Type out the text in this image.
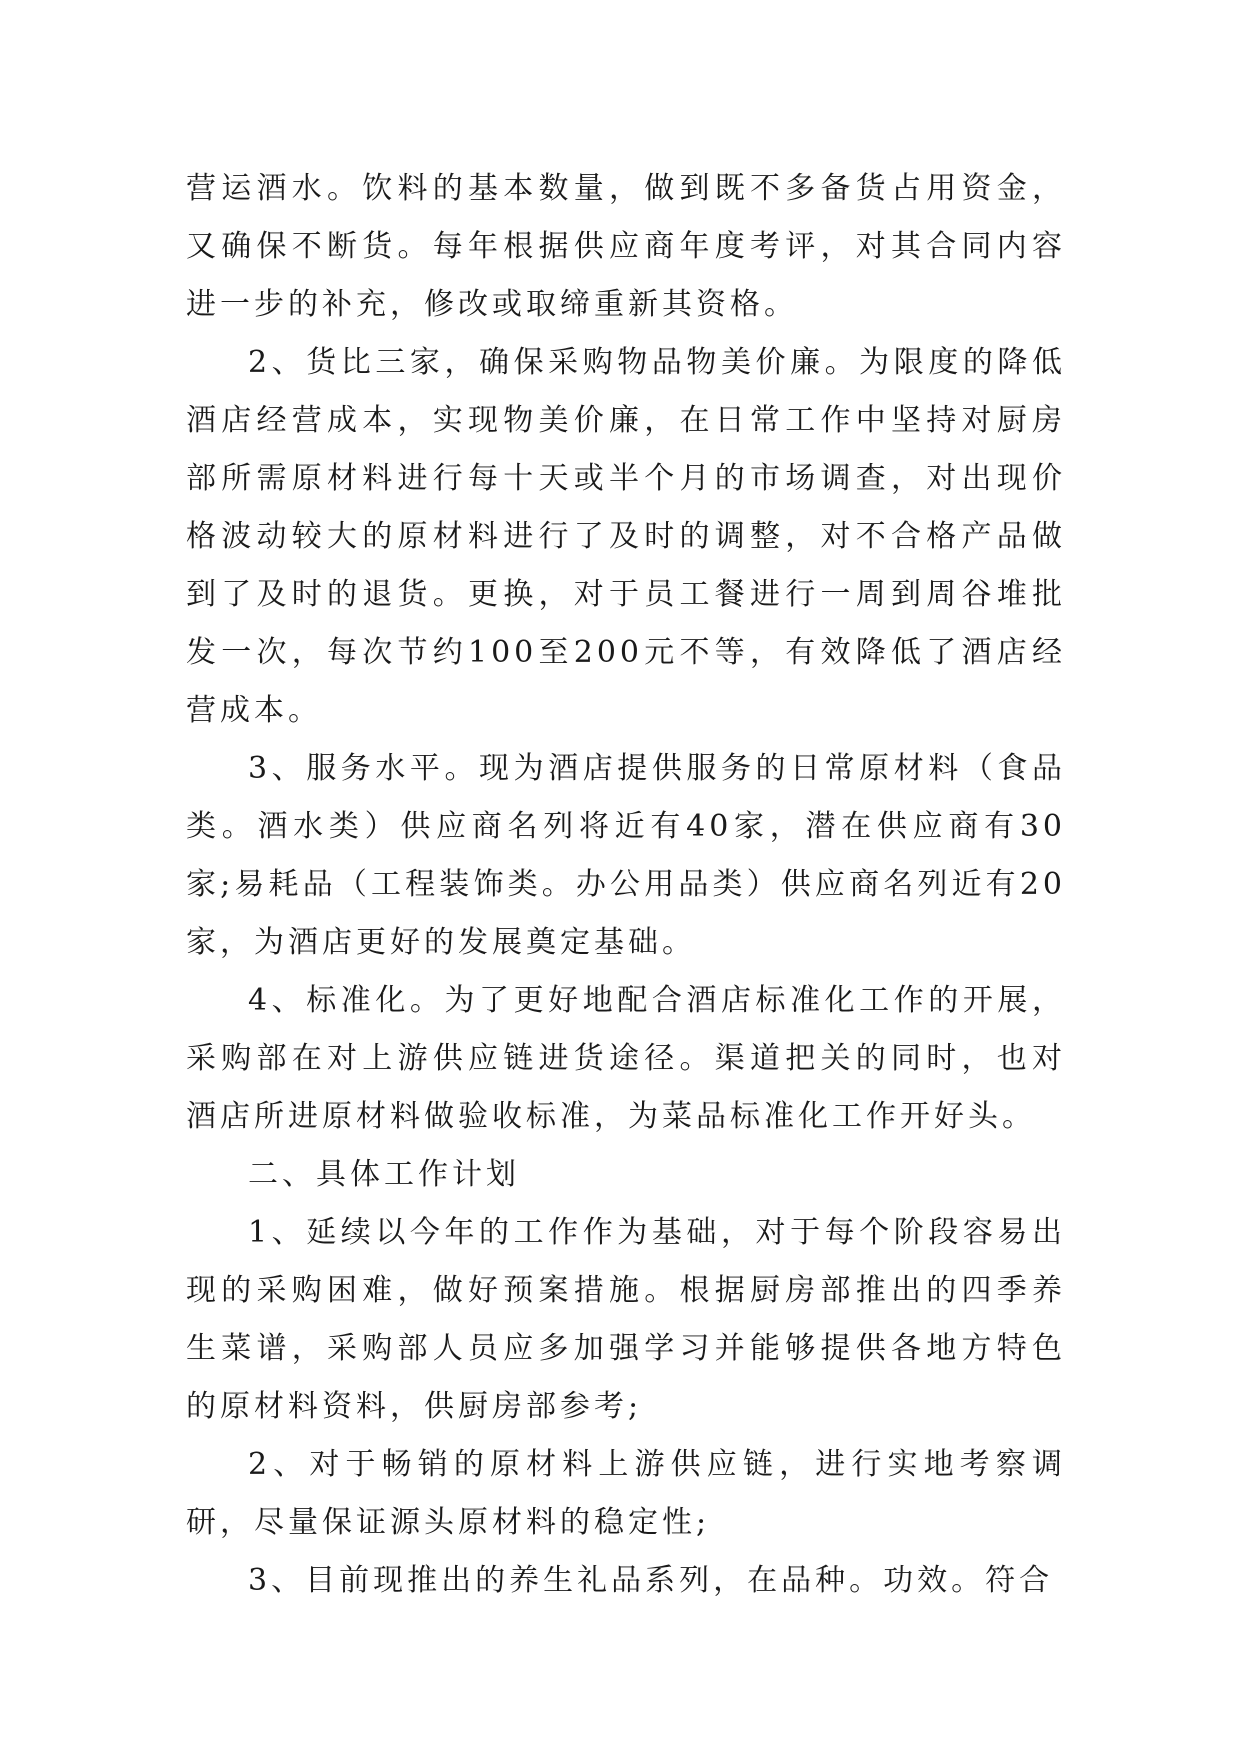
营运酒水。饮料的基本数量，做到既不多备货占用资金，又确保不断货。每年根据供应商年度考评，对其合同内容进一步的补充，修改或取缔重新其资格。

2、货比三家，确保采购物品物美价廉。为限度的降低酒店经营成本，实现物美价廉，在日常工作中坚持对厨房部所需原材料进行每十天或半个月的市场调查，对出现价格波动较大的原材料进行了及时的调整，对不合格产品做到了及时的退货。更换，对于员工餐进行一周到周谷堆批发一次，每次节约100至200元不等，有效降低了酒店经营成本。

3、服务水平。现为酒店提供服务的日常原材料（食品类。酒水类）供应商名列将近有40家，潜在供应商有30家;易耗品（工程装饰类。办公用品类）供应商名列近有20家，为酒店更好的发展奠定基础。

4、标准化。为了更好地配合酒店标准化工作的开展，采购部在对上游供应链进货途径。渠道把关的同时，也对酒店所进原材料做验收标准，为菜品标准化工作开好头。

二、具体工作计划

1、延续以今年的工作作为基础，对于每个阶段容易出现的采购困难，做好预案措施。根据厨房部推出的四季养生菜谱，采购部人员应多加强学习并能够提供各地方特色的原材料资料，供厨房部参考;

2、对于畅销的原材料上游供应链，进行实地考察调研，尽量保证源头原材料的稳定性;

3、目前现推出的养生礼品系列，在品种。功效。符合
